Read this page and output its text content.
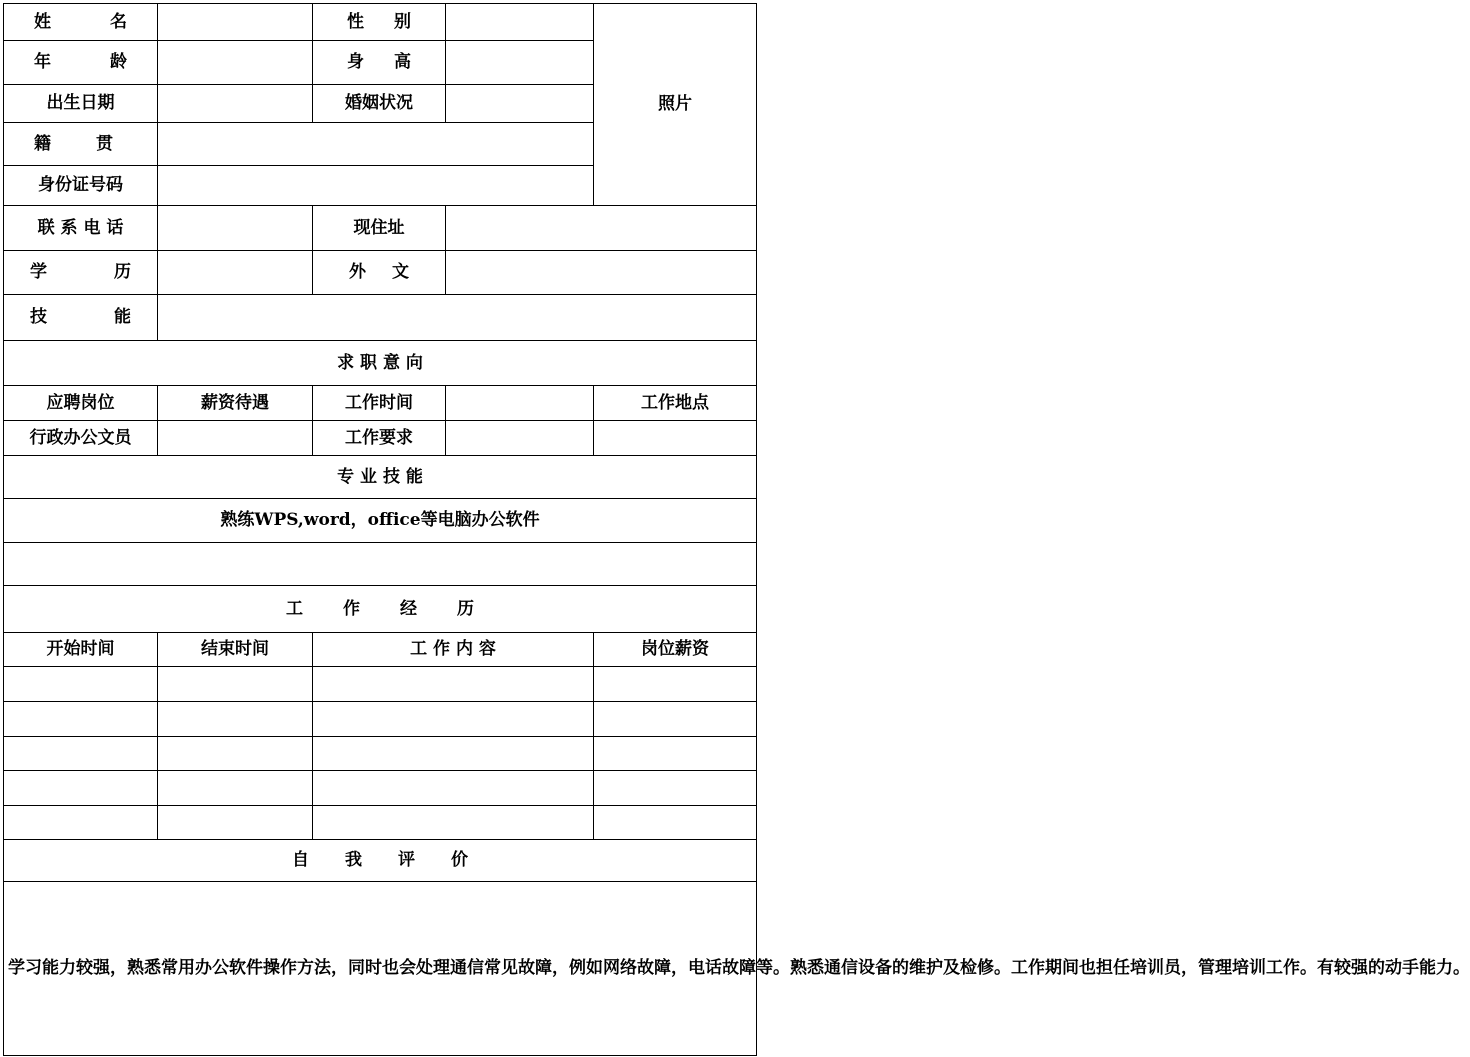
姓 名		性 别		照片

年 龄		身 高		

出生日期		婚姻状况		

籍 贯				

身份证号码				
联 系 电 话		现住址		

学 历		外 文		

技 能				

求 职 意 向				
应聘岗位	薪资待遇	工作时间		工作地点
行政办公文员		工作要求		
专 业 技 能				
熟练WPS,word，office等电脑办公软件				

工 作 经 历				

开始时间	结束时间	工 作 内 容		岗位薪资

自 我 评 价				

学习能力较强，熟悉常用办公软件操作方法，同时也会处理通信常见故障，例如网络故障，电话故障等。熟悉通信设备的维护及检修。工作期间也担任培训员，管理培训工作。有较强的动手能力。				
